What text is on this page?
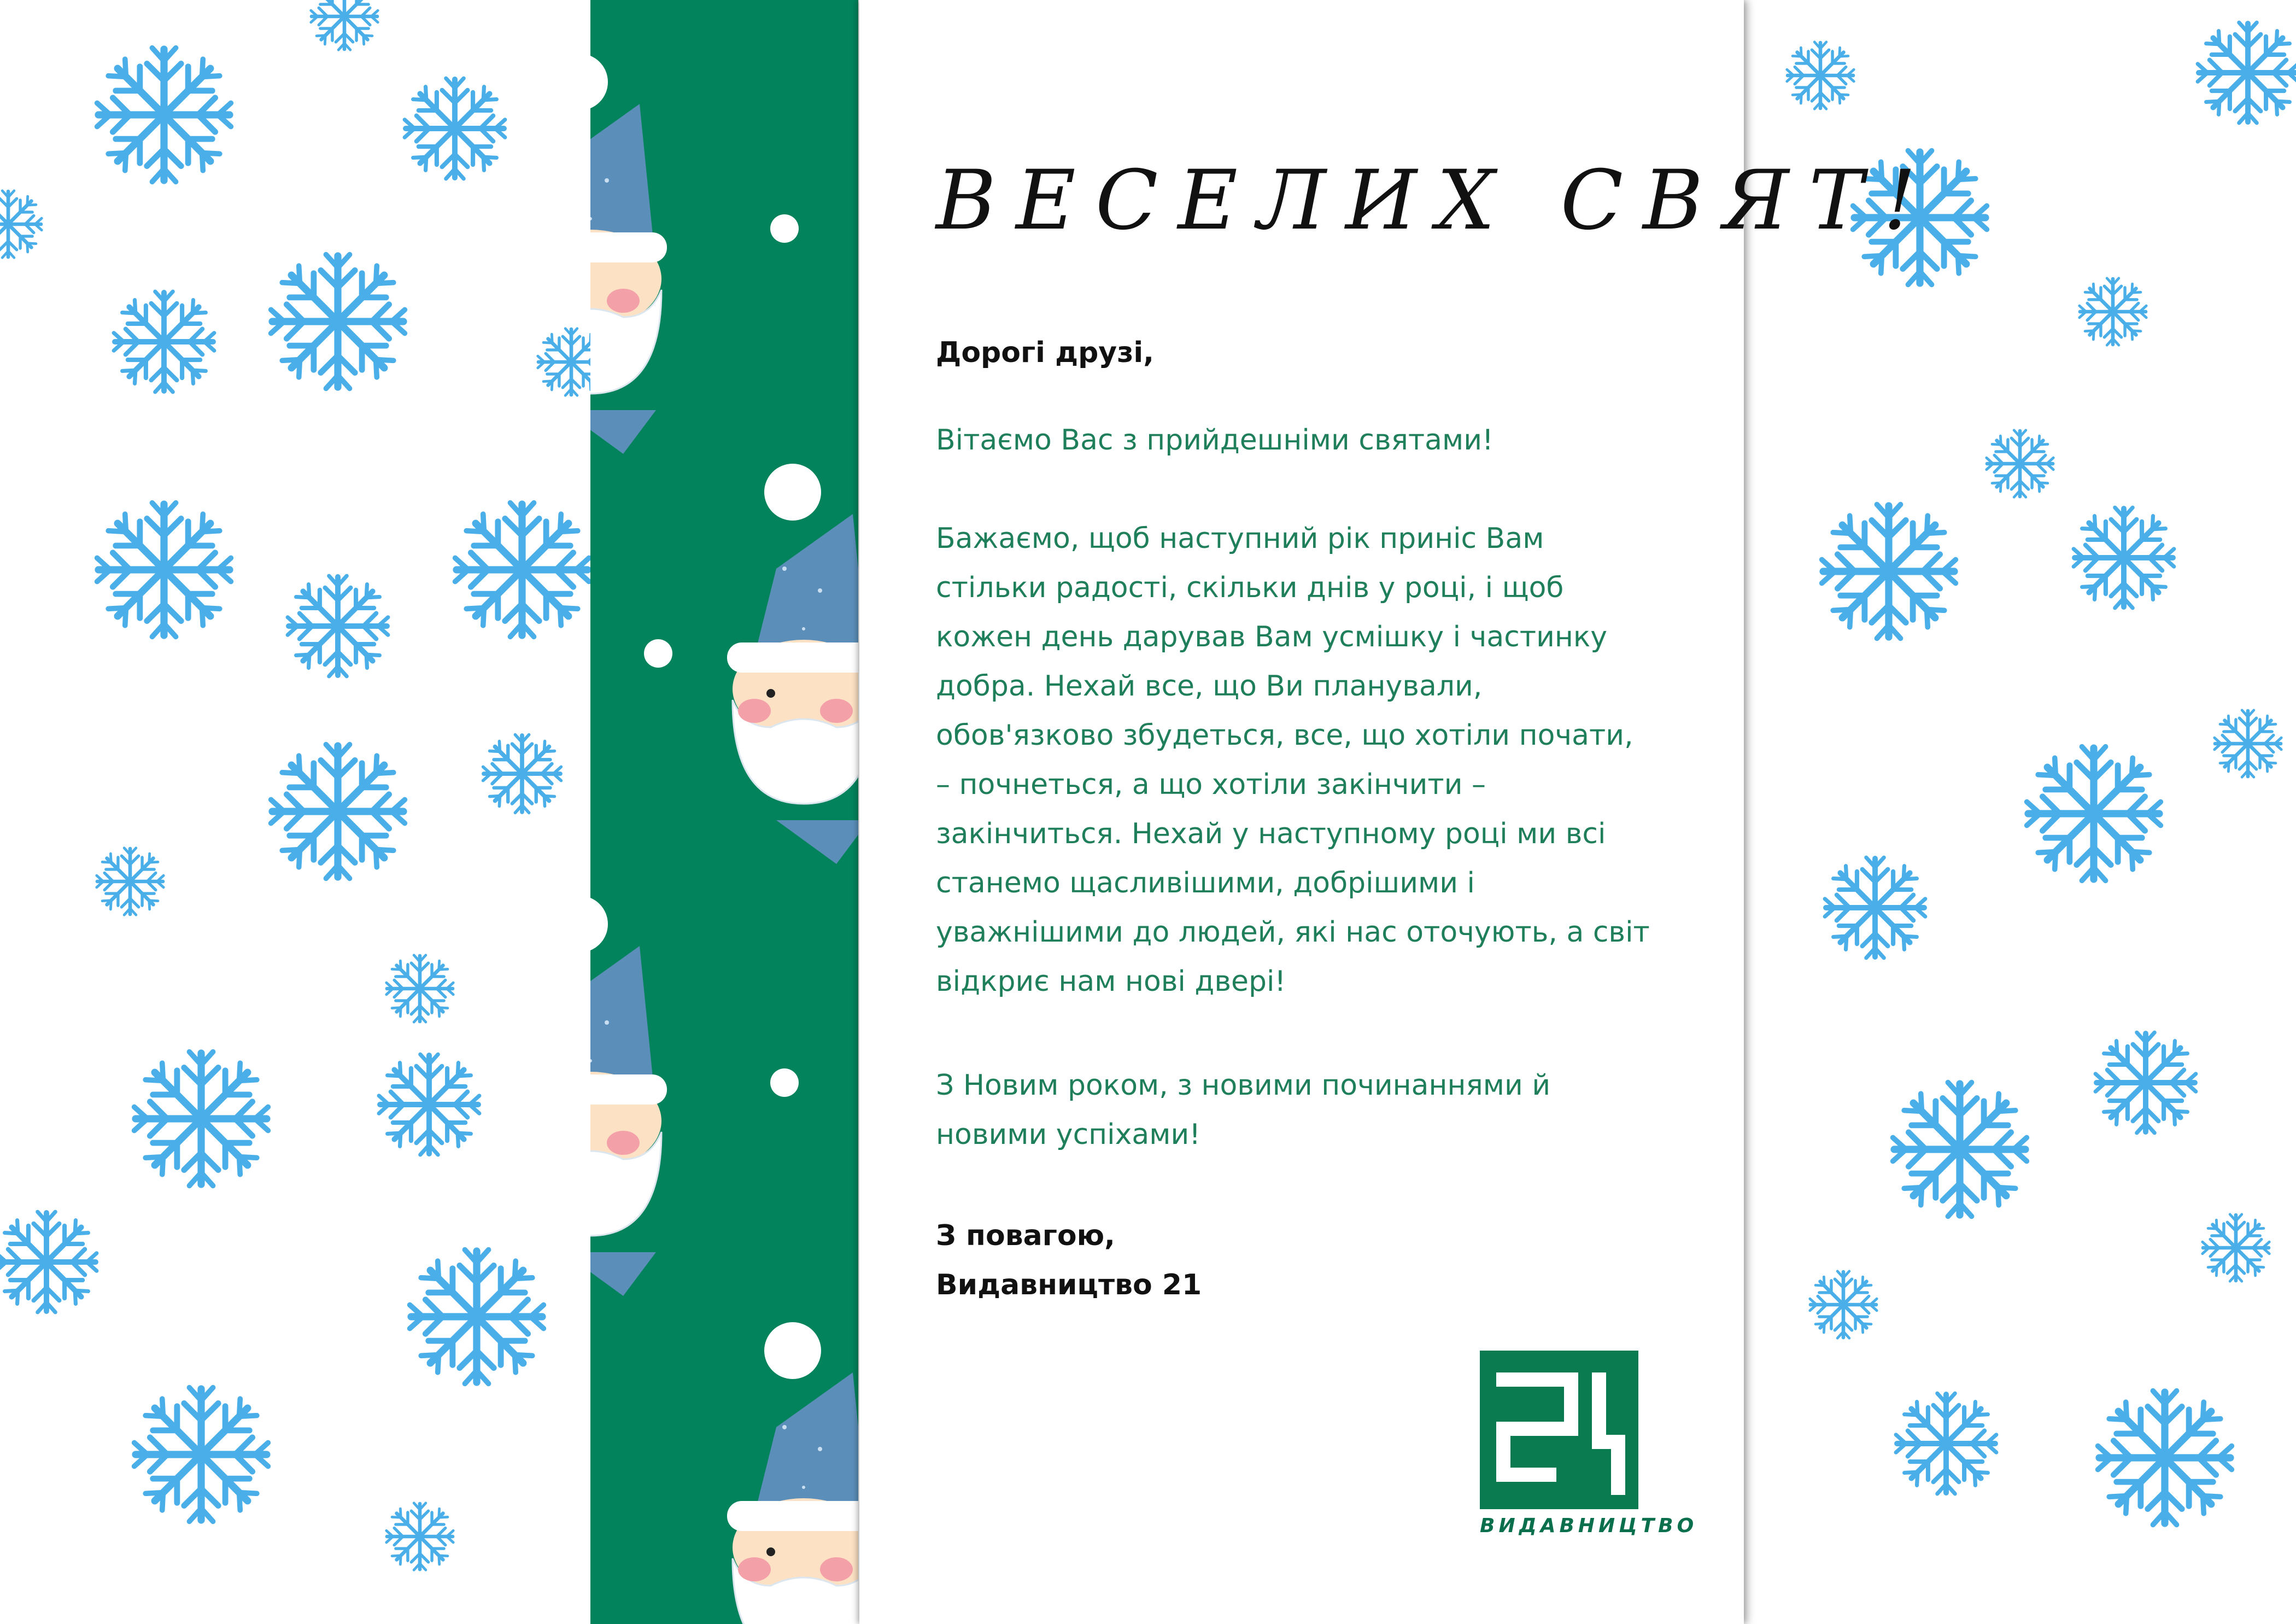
ВЕСЕЛИХ СВЯТ!
Дорогі друзі,
Вітаємо Вас з прийдешніми святами!
Бажаємо, щоб наступний рік приніс Вам
стільки радості, скільки днів у році, і щоб
кожен день дарував Вам усмішку і частинку
добра. Нехай все, що Ви планували,
обов'язково збудеться, все, що хотіли почати,
– почнеться, а що хотіли закінчити –
закінчиться. Нехай у наступному році ми всі
станемо щасливішими, добрішими і
уважнішими до людей, які нас оточують, а світ
відкриє нам нові двері!
З Новим роком, з новими починаннями й
новими успіхами!
З повагою,
Видавництво 21
ВИДАВНИЦТВО
